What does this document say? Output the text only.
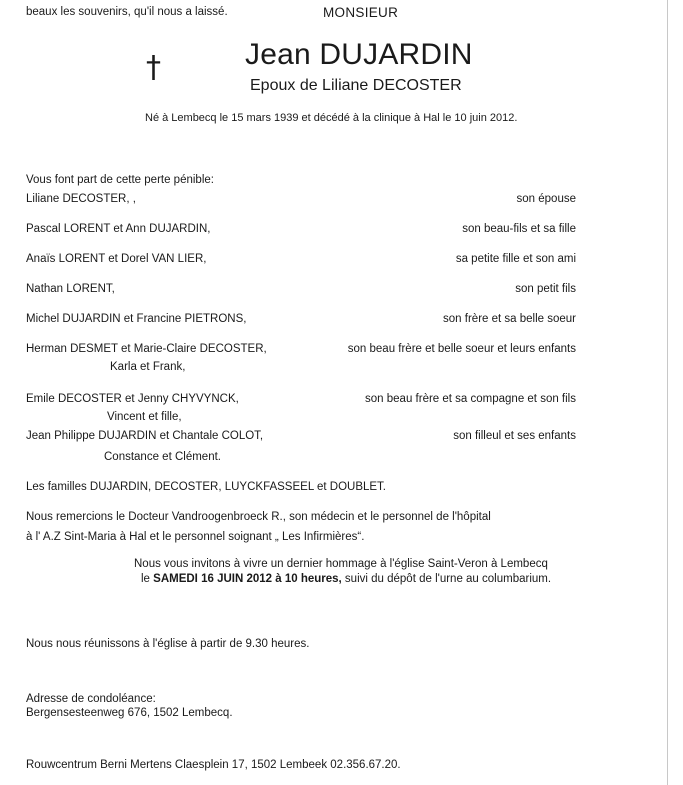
beaux les souvenirs, qu'il nous a laissé.	MONSIEUR
†	Jean DUJARDIN
Epoux de Liliane DECOSTER
Né à Lembecq le 15 mars 1939 et décédé à la clinique à Hal le 10 juin 2012.
Vous font part de cette perte pénible:
Liliane DECOSTER, ,	son épouse
Pascal LORENT et Ann DUJARDIN,	son beau-fils et sa fille
Anaïs LORENT et Dorel VAN LIER,	sa petite fille et son ami
Nathan LORENT,	son petit fils
Michel DUJARDIN et Francine PIETRONS,	son frère et sa belle soeur
Herman DESMET et Marie-Claire DECOSTER,	son beau frère et belle soeur et leurs enfants
Karla et Frank,
Emile DECOSTER et Jenny CHYVYNCK,	son beau frère et sa compagne et son fils
Vincent et fille,
Jean Philippe DUJARDIN et Chantale COLOT,	son filleul et ses enfants
Constance et Clément.
Les familles DUJARDIN, DECOSTER, LUYCKFASSEEL et DOUBLET.
Nous remercions le Docteur Vandroogenbroeck R., son médecin et le personnel de l'hôpital
à l' A.Z Sint-Maria à Hal et le personnel soignant „ Les Infirmières“.
Nous vous invitons à vivre un dernier hommage à l'église Saint-Veron à Lembecq
le SAMEDI 16 JUIN 2012 à 10 heures, suivi du dépôt de l'urne au columbarium.
Nous nous réunissons à l'église à partir de 9.30 heures.
Adresse de condoléance:
Bergensesteenweg 676, 1502 Lembecq.
Rouwcentrum Berni Mertens Claesplein 17, 1502 Lembeek 02.356.67.20.
